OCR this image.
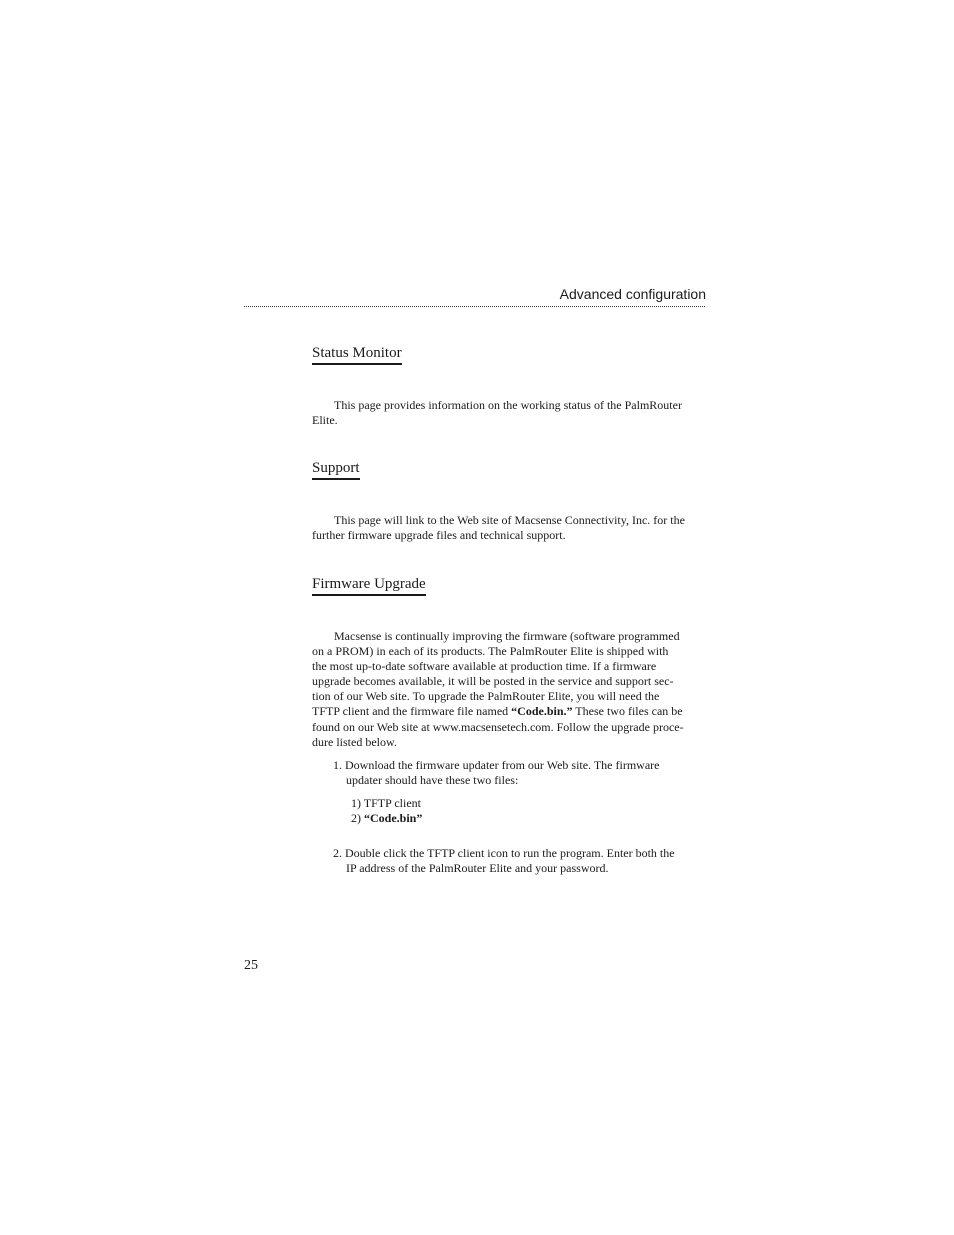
Advanced configuration
Status Monitor

This page provides information on the working status of the PalmRouter
Elite.

Support

This page will link to the Web site of Macsense Connectivity, Inc. for the
further firmware upgrade files and technical support.

Firmware Upgrade

Macsense is continually improving the firmware (software programmed
on a PROM) in each of its products. The PalmRouter Elite is shipped with
the most up-to-date software available at production time. If a firmware
upgrade becomes available, it will be posted in the service and support sec-
tion of our Web site. To upgrade the PalmRouter Elite, you will need the
TFTP client and the firmware file named “Code.bin.” These two files can be
found on our Web site at www.macsensetech.com. Follow the upgrade proce-
dure listed below.

1. Download the firmware updater from our Web site. The firmware
updater should have these two files:
1) TFTP client
2) “Code.bin”
2. Double click the TFTP client icon to run the program. Enter both the
IP address of the PalmRouter Elite and your password.
25
